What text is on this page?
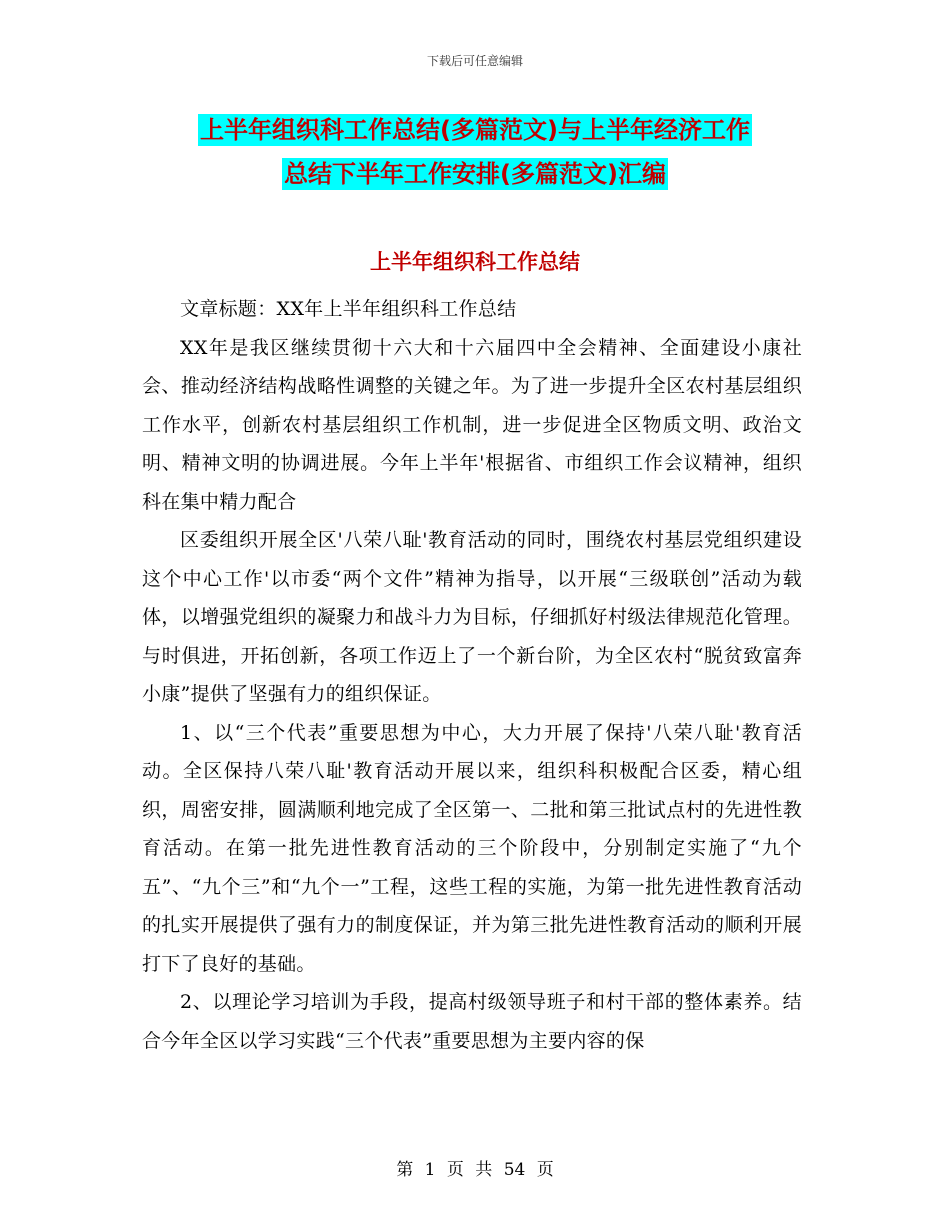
下载后可任意编辑
上半年组织科工作总结(多篇范文)与上半年经济工作
总结下半年工作安排(多篇范文)汇编
上半年组织科工作总结

文章标题：XX年上半年组织科工作总结

XX年是我区继续贯彻十六大和十六届四中全会精神、全面建设小康社会、推动经济结构战略性调整的关键之年。为了进一步提升全区农村基层组织工作水平，创新农村基层组织工作机制，进一步促进全区物质文明、政治文明、精神文明的协调进展。今年上半年'根据省、市组织工作会议精神，组织科在集中精力配合

区委组织开展全区'八荣八耻'教育活动的同时，围绕农村基层党组织建设这个中心工作'以市委“两个文件”精神为指导，以开展“三级联创”活动为载体，以增强党组织的凝聚力和战斗力为目标，仔细抓好村级法律规范化管理。与时俱进，开拓创新，各项工作迈上了一个新台阶，为全区农村“脱贫致富奔小康”提供了坚强有力的组织保证。

1、以“三个代表”重要思想为中心，大力开展了保持'八荣八耻'教育活动。全区保持八荣八耻'教育活动开展以来，组织科积极配合区委，精心组织，周密安排，圆满顺利地完成了全区第一、二批和第三批试点村的先进性教育活动。在第一批先进性教育活动的三个阶段中，分别制定实施了“九个五”、“九个三”和“九个一”工程，这些工程的实施，为第一批先进性教育活动的扎实开展提供了强有力的制度保证，并为第三批先进性教育活动的顺利开展打下了良好的基础。

2、以理论学习培训为手段，提高村级领导班子和村干部的整体素养。结合今年全区以学习实践“三个代表”重要思想为主要内容的保

第 1 页 共 54 页
